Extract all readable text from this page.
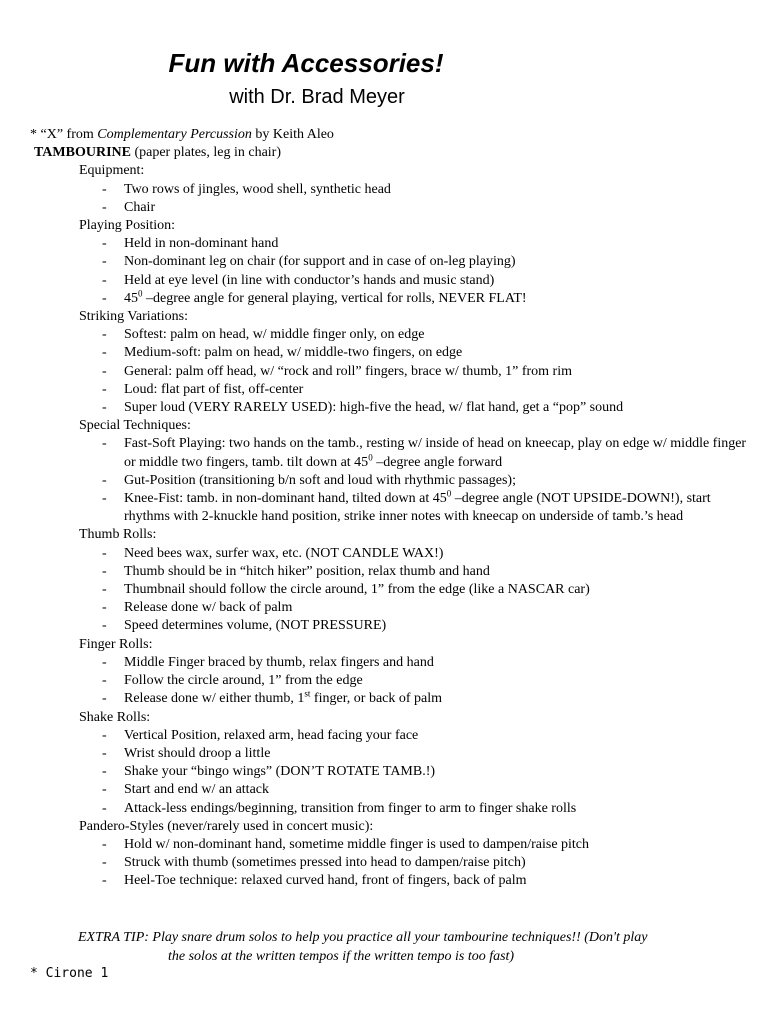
Fun with Accessories!
with Dr. Brad Meyer
* “X” from Complementary Percussion by Keith Aleo
TAMBOURINE (paper plates, leg in chair)
Equipment:
- Two rows of jingles, wood shell, synthetic head
- Chair
Playing Position:
- Held in non-dominant hand
- Non-dominant leg on chair (for support and in case of on-leg playing)
- Held at eye level (in line with conductor’s hands and music stand)
- $45^0$ –degree angle for general playing, vertical for rolls, NEVER FLAT!
Striking Variations:
- Softest: palm on head, w/ middle finger only, on edge
- Medium-soft: palm on head, w/ middle-two fingers, on edge
- General: palm off head, w/ “rock and roll” fingers, brace w/ thumb, 1” from rim
- Loud: flat part of fist, off-center
- Super loud (VERY RARELY USED): high-five the head, w/ flat hand, get a “pop” sound
Special Techniques:
- Fast-Soft Playing: two hands on the tamb., resting w/ inside of head on kneecap, play on edge w/ middle finger or middle two fingers, tamb. tilt down at $45^0$ –degree angle forward
- Gut-Position (transitioning b/n soft and loud with rhythmic passages);
- Knee-Fist: tamb. in non-dominant hand, tilted down at $45^0$ –degree angle (NOT UPSIDE-DOWN!), start rhythms with 2-knuckle hand position, strike inner notes with kneecap on underside of tamb.’s head
Thumb Rolls:
- Need bees wax, surfer wax, etc. (NOT CANDLE WAX!)
- Thumb should be in “hitch hiker” position, relax thumb and hand
- Thumbnail should follow the circle around, 1” from the edge (like a NASCAR car)
- Release done w/ back of palm
- Speed determines volume, (NOT PRESSURE)
Finger Rolls:
- Middle Finger braced by thumb, relax fingers and hand
- Follow the circle around, 1” from the edge
- Release done w/ either thumb, 1st finger, or back of palm
Shake Rolls:
- Vertical Position, relaxed arm, head facing your face
- Wrist should droop a little
- Shake your “bingo wings” (DON’T ROTATE TAMB.!)
- Start and end w/ an attack
- Attack-less endings/beginning, transition from finger to arm to finger shake rolls
Pandero-Styles (never/rarely used in concert music):
- Hold w/ non-dominant hand, sometime middle finger is used to dampen/raise pitch
- Struck with thumb (sometimes pressed into head to dampen/raise pitch)
- Heel-Toe technique: relaxed curved hand, front of fingers, back of palm
EXTRA TIP: Play snare drum solos to help you practice all your tambourine techniques!! (Don't play
the solos at the written tempos if the written tempo is too fast)
* Cirone 1
